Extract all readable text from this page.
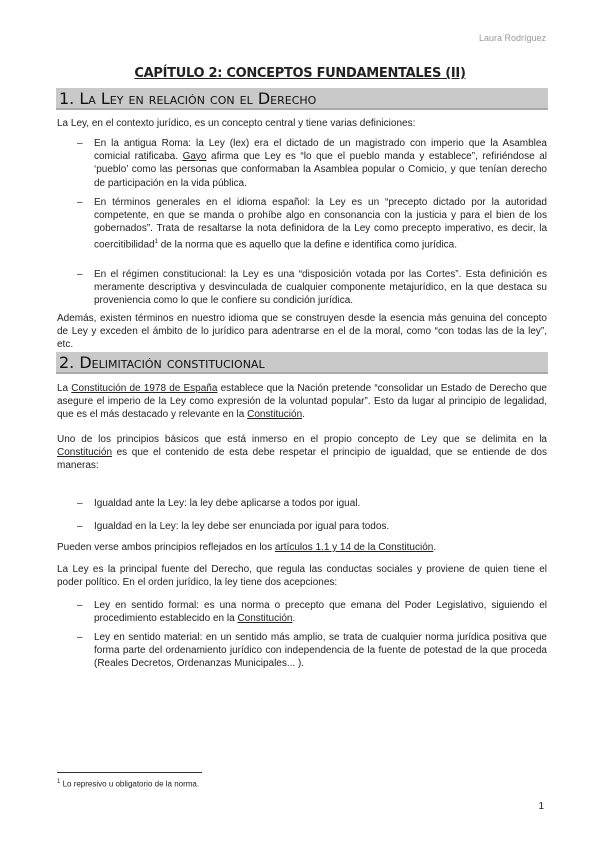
Laura Rodríguez
CAPÍTULO 2: CONCEPTOS FUNDAMENTALES (II)
1. La Ley en relación con el Derecho
La Ley, en el contexto jurídico, es un concepto central y tiene varias definiciones:
– En la antigua Roma: la Ley (lex) era el dictado de un magistrado con imperio que la Asamblea comicial ratificaba. Gayo afirma que Ley es “lo que el pueblo manda y establece”, refiriéndose al ‘pueblo’ como las personas que conformaban la Asamblea popular o Comicio, y que tenían derecho de participación en la vida pública.
– En términos generales en el idioma español: la Ley es un “precepto dictado por la autoridad competente, en que se manda o prohíbe algo en consonancia con la justicia y para el bien de los gobernados”. Trata de resaltarse la nota definidora de la Ley como precepto imperativo, es decir, la coercitibilidad$^1$ de la norma que es aquello que la define e identifica como jurídica.
– En el régimen constitucional: la Ley es una “disposición votada por las Cortes”. Esta definición es meramente descriptiva y desvinculada de cualquier componente metajurídico, en la que destaca su proveniencia como lo que le confiere su condición jurídica.
Además, existen términos en nuestro idioma que se construyen desde la esencia más genuina del concepto de Ley y exceden el ámbito de lo jurídico para adentrarse en el de la moral, como “con todas las de la ley”, etc.
2. Delimitación constitucional
La Constitución de 1978 de España establece que la Nación pretende “consolidar un Estado de Derecho que asegure el imperio de la Ley como expresión de la voluntad popular”. Esto da lugar al principio de legalidad, que es el más destacado y relevante en la Constitución.
Uno de los principios básicos que está inmerso en el propio concepto de Ley que se delimita en la Constitución es que el contenido de esta debe respetar el principio de igualdad, que se entiende de dos maneras:
– Igualdad ante la Ley: la ley debe aplicarse a todos por igual.
– Igualdad en la Ley: la ley debe ser enunciada por igual para todos.
Pueden verse ambos principios reflejados en los artículos 1.1 y 14 de la Constitución.
La Ley es la principal fuente del Derecho, que regula las conductas sociales y proviene de quien tiene el poder político. En el orden jurídico, la ley tiene dos acepciones:
– Ley en sentido formal: es una norma o precepto que emana del Poder Legislativo, siguiendo el procedimiento establecido en la Constitución.
– Ley en sentido material: en un sentido más amplio, se trata de cualquier norma jurídica positiva que forma parte del ordenamiento jurídico con independencia de la fuente de potestad de la que proceda (Reales Decretos, Ordenanzas Municipales... ).
$^1$ Lo represivo u obligatorio de la norma.
1
